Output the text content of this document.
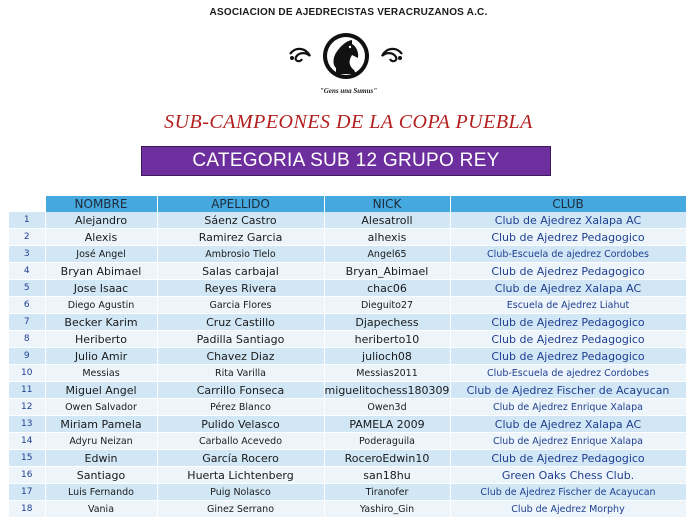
ASOCIACION DE AJEDRECISTAS VERACRUZANOS A.C.
"Gens una Sumus"
SUB-CAMPEONES DE LA COPA PUEBLA
CATEGORIA SUB 12 GRUPO REY
	NOMBRE	APELLIDO	NICK	CLUB
1	Alejandro	Sáenz Castro	Alesatroll	Club de Ajedrez Xalapa AC
2	Alexis	Ramirez Garcia	alhexis	Club de Ajedrez Pedagogico
3	José Angel	Ambrosio Tlelo	Angel65	Club-Escuela de ajedrez Cordobes
4	Bryan Abimael	Salas carbajal	Bryan_Abimael	Club de Ajedrez Pedagogico
5	Jose Isaac	Reyes Rivera	chac06	Club de Ajedrez Xalapa AC
6	Diego Agustin	Garcia Flores	Dieguito27	Escuela de Ajedrez Liahut
7	Becker Karim	Cruz Castillo	Djapechess	Club de Ajedrez Pedagogico
8	Heriberto	Padilla Santiago	heriberto10	Club de Ajedrez Pedagogico
9	Julio Amir	Chavez Diaz	julioch08	Club de Ajedrez Pedagogico
10	Messias	Rita Varilla	Messias2011	Club-Escuela de ajedrez Cordobes
11	Miguel Angel	Carrillo Fonseca	miguelitochess180309	Club de Ajedrez Fischer de Acayucan
12	Owen Salvador	Pérez Blanco	Owen3d	Club de Ajedrez Enrique Xalapa
13	Miriam Pamela	Pulido Velasco	PAMELA 2009	Club de Ajedrez Xalapa AC
14	Adyru Neizan	Carballo Acevedo	Poderaguila	Club de Ajedrez Enrique Xalapa
15	Edwin	García Rocero	RoceroEdwin10	Club de Ajedrez Pedagogico
16	Santiago	Huerta Lichtenberg	san18hu	Green Oaks Chess Club.
17	Luis Fernando	Puig Nolasco	Tiranofer	Club de Ajedrez Fischer de Acayucan
18	Vania	Ginez Serrano	Yashiro_Gin	Club de Ajedrez Morphy
